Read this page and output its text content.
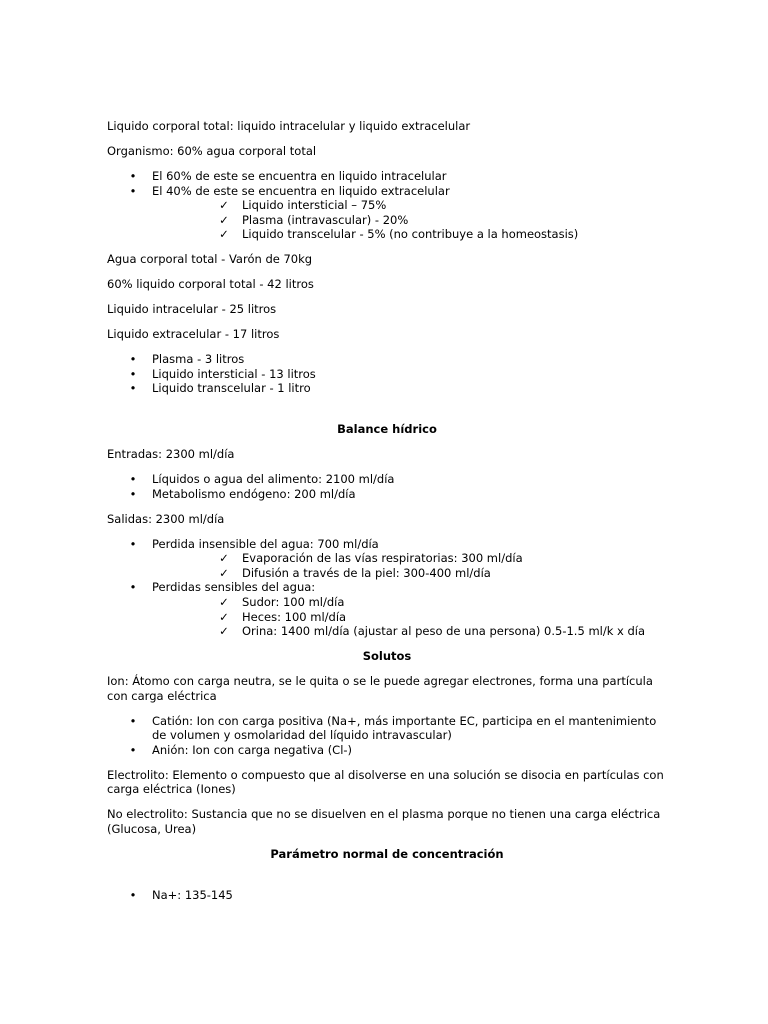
Liquido corporal total: liquido intracelular y liquido extracelular

Organismo: 60% agua corporal total

• El 60% de este se encuentra en liquido intracelular
• El 40% de este se encuentra en liquido extracelular
✓ Liquido intersticial – 75%
✓ Plasma (intravascular) - 20%
✓ Liquido transcelular - 5% (no contribuye a la homeostasis)

Agua corporal total - Varón de 70kg

60% liquido corporal total - 42 litros

Liquido intracelular - 25 litros

Liquido extracelular - 17 litros

• Plasma - 3 litros
• Liquido intersticial - 13 litros
• Liquido transcelular - 1 litro

Balance hídrico

Entradas: 2300 ml/día

• Líquidos o agua del alimento: 2100 ml/día
• Metabolismo endógeno: 200 ml/día

Salidas: 2300 ml/día

• Perdida insensible del agua: 700 ml/día
✓ Evaporación de las vías respiratorias: 300 ml/día
✓ Difusión a través de la piel: 300-400 ml/día
• Perdidas sensibles del agua:
✓ Sudor: 100 ml/día
✓ Heces: 100 ml/día
✓ Orina: 1400 ml/día (ajustar al peso de una persona) 0.5-1.5 ml/k x día

Solutos

Ion: Átomo con carga neutra, se le quita o se le puede agregar electrones, forma una partícula con carga eléctrica

• Catión: Ion con carga positiva (Na+, más importante EC, participa en el mantenimiento de volumen y osmolaridad del líquido intravascular)
• Anión: Ion con carga negativa (Cl-)

Electrolito: Elemento o compuesto que al disolverse en una solución se disocia en partículas con carga eléctrica (Iones)

No electrolito: Sustancia que no se disuelven en el plasma porque no tienen una carga eléctrica (Glucosa, Urea)

Parámetro normal de concentración

• Na+: 135-145
